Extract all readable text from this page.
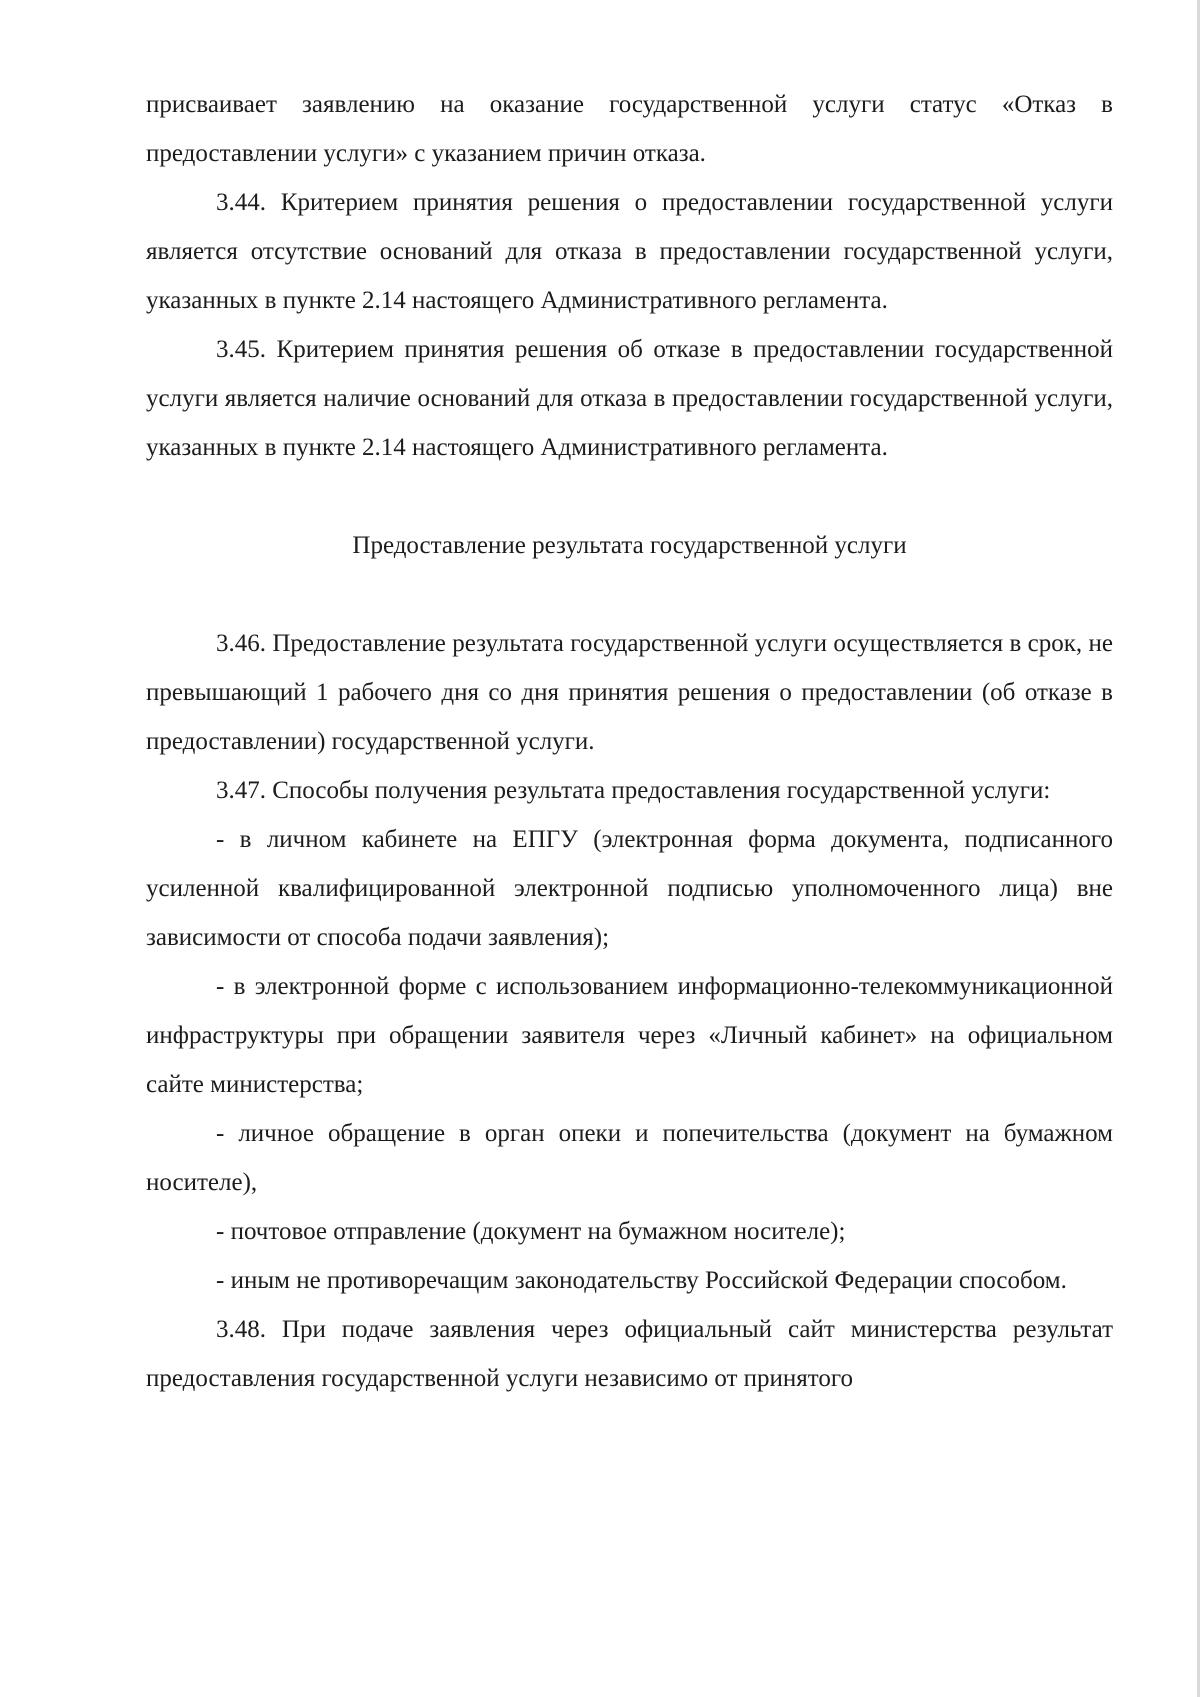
присваивает заявлению на оказание государственной услуги статус «Отказ в предоставлении услуги» с указанием причин отказа.

3.44. Критерием принятия решения о предоставлении государственной услуги является отсутствие оснований для отказа в предоставлении государственной услуги, указанных в пункте 2.14 настоящего Административного регламента.

3.45. Критерием принятия решения об отказе в предоставлении государственной услуги является наличие оснований для отказа в предоставлении государственной услуги, указанных в пункте 2.14 настоящего Административного регламента.

Предоставление результата государственной услуги

3.46. Предоставление результата государственной услуги осуществляется в срок, не превышающий 1 рабочего дня со дня принятия решения о предоставлении (об отказе в предоставлении) государственной услуги.

3.47. Способы получения результата предоставления государственной услуги:

- в личном кабинете на ЕПГУ (электронная форма документа, подписанного усиленной квалифицированной электронной подписью уполномоченного лица) вне зависимости от способа подачи заявления);

- в электронной форме с использованием информационно-телекоммуникационной инфраструктуры при обращении заявителя через «Личный кабинет» на официальном сайте министерства;

- личное обращение в орган опеки и попечительства (документ на бумажном носителе),

- почтовое отправление (документ на бумажном носителе);

- иным не противоречащим законодательству Российской Федерации способом.

3.48. При подаче заявления через официальный сайт министерства результат предоставления государственной услуги независимо от принятого
